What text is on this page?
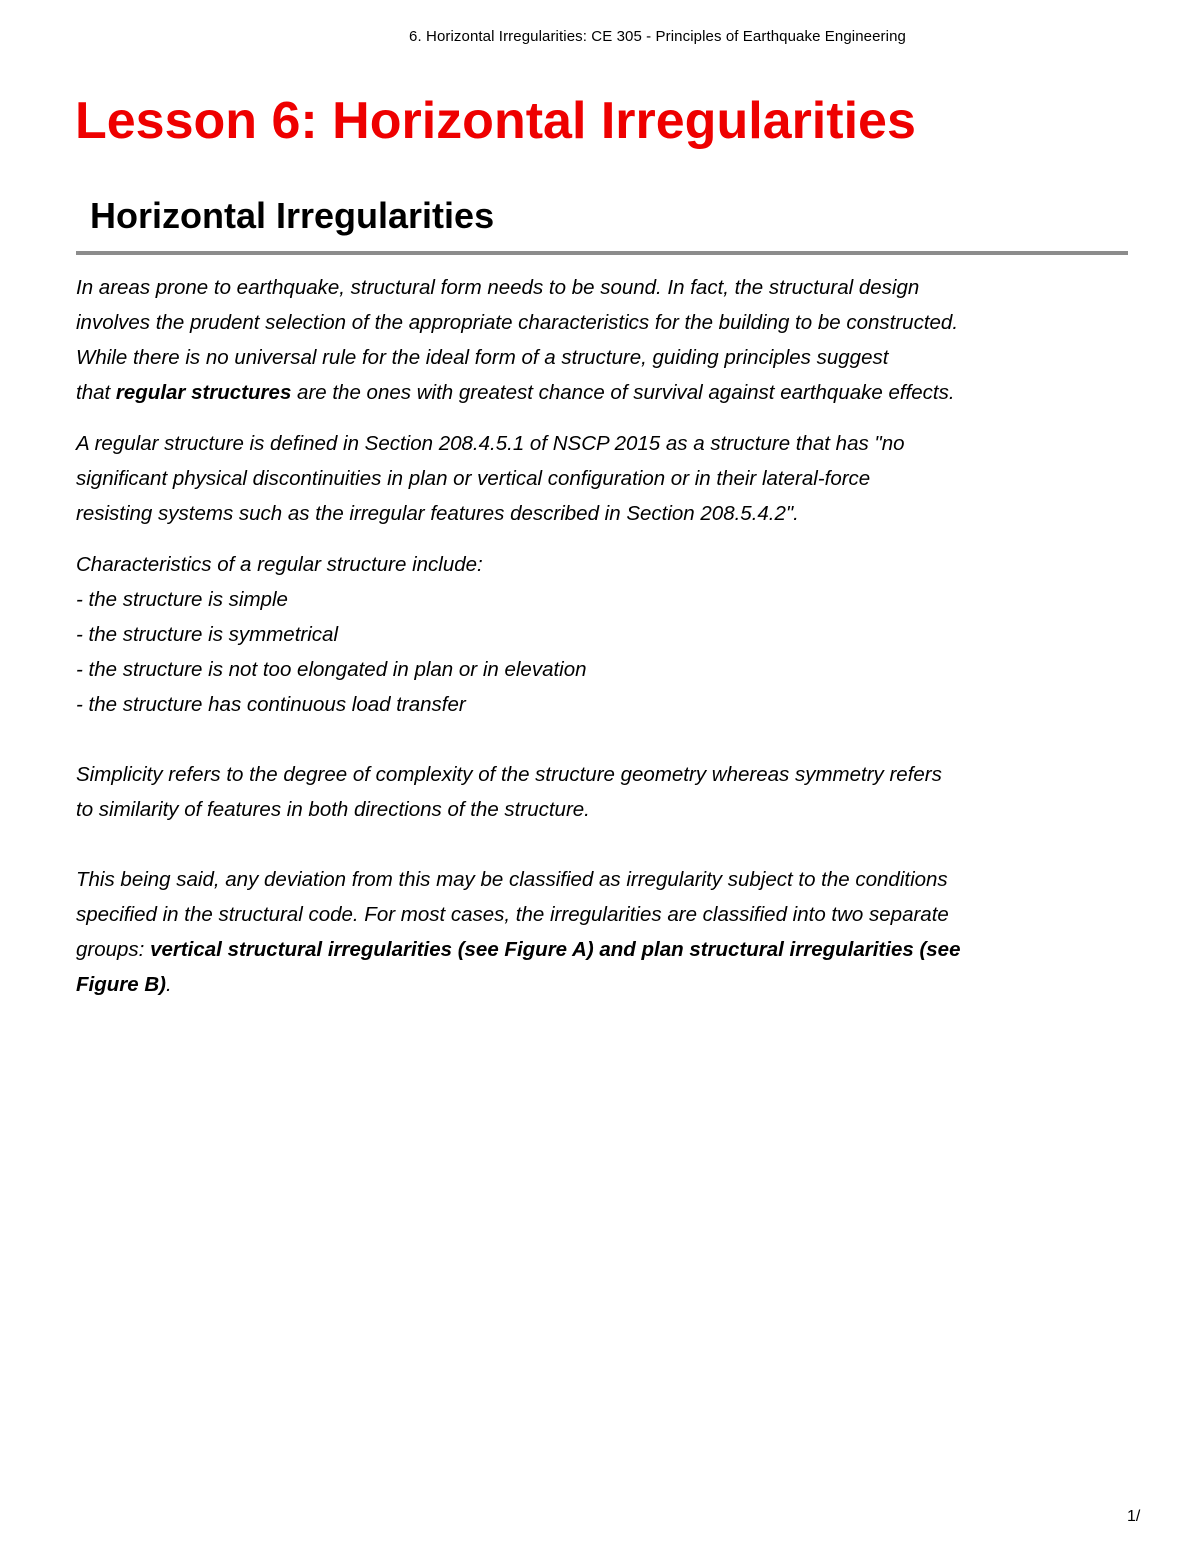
6. Horizontal Irregularities: CE 305 - Principles of Earthquake Engineering
Lesson 6: Horizontal Irregularities
Horizontal Irregularities

In areas prone to earthquake, structural form needs to be sound. In fact, the structural design
involves the prudent selection of the appropriate characteristics for the building to be constructed.
While there is no universal rule for the ideal form of a structure, guiding principles suggest
that regular structures are the ones with greatest chance of survival against earthquake effects.

A regular structure is defined in Section 208.4.5.1 of NSCP 2015 as a structure that has "no
significant physical discontinuities in plan or vertical configuration or in their lateral-force
resisting systems such as the irregular features described in Section 208.5.4.2".

Characteristics of a regular structure include:
- the structure is simple
- the structure is symmetrical
- the structure is not too elongated in plan or in elevation
- the structure has continuous load transfer

Simplicity refers to the degree of complexity of the structure geometry whereas symmetry refers
to similarity of features in both directions of the structure.

This being said, any deviation from this may be classified as irregularity subject to the conditions
specified in the structural code. For most cases, the irregularities are classified into two separate
groups: vertical structural irregularities (see Figure A) and plan structural irregularities (see
Figure B).

1/
